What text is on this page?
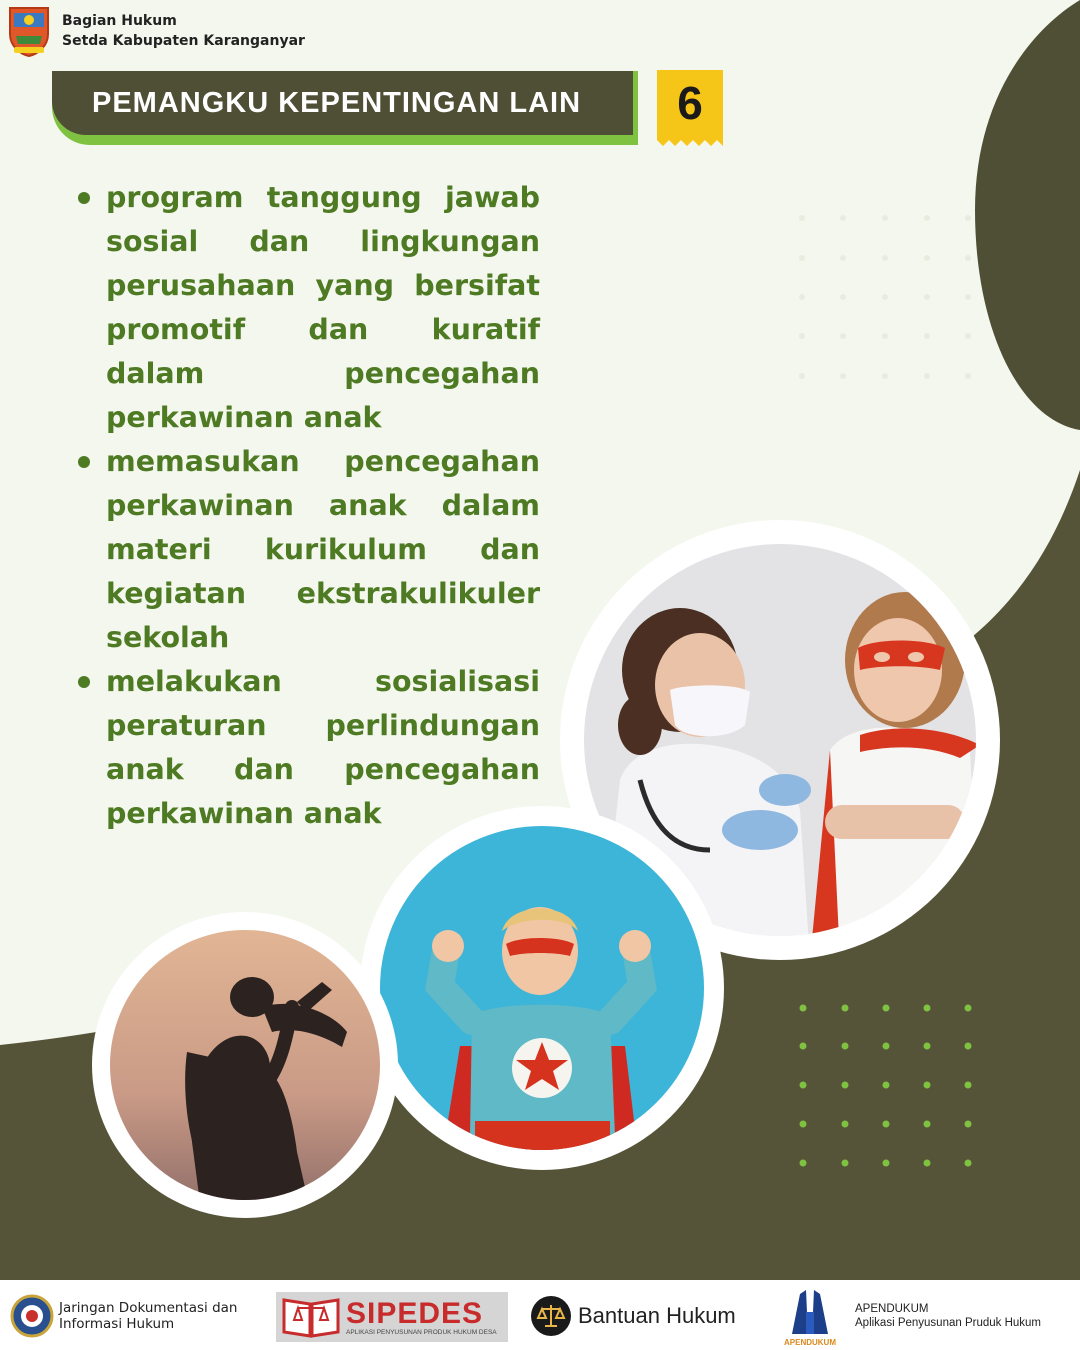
Bagian Hukum
Setda Kabupaten Karanganyar
PEMANGKU KEPENTINGAN LAIN	6
program tanggung jawab sosial dan lingkungan perusahaan yang bersifat promotif dan kuratif dalam pencegahan perkawinan anak
memasukan pencegahan perkawinan anak dalam materi kurikulum dan kegiatan ekstrakulikuler sekolah
melakukan sosialisasi peraturan perlindungan anak dan pencegahan perkawinan anak
Jaringan Dokumentasi dan
Informasi Hukum	SIPEDES
APLIKASI PENYUSUNAN PRODUK HUKUM DESA
Bantuan Hukum
APENDUKUM
APENDUKUM
Aplikasi Penyusunan Pruduk Hukum
